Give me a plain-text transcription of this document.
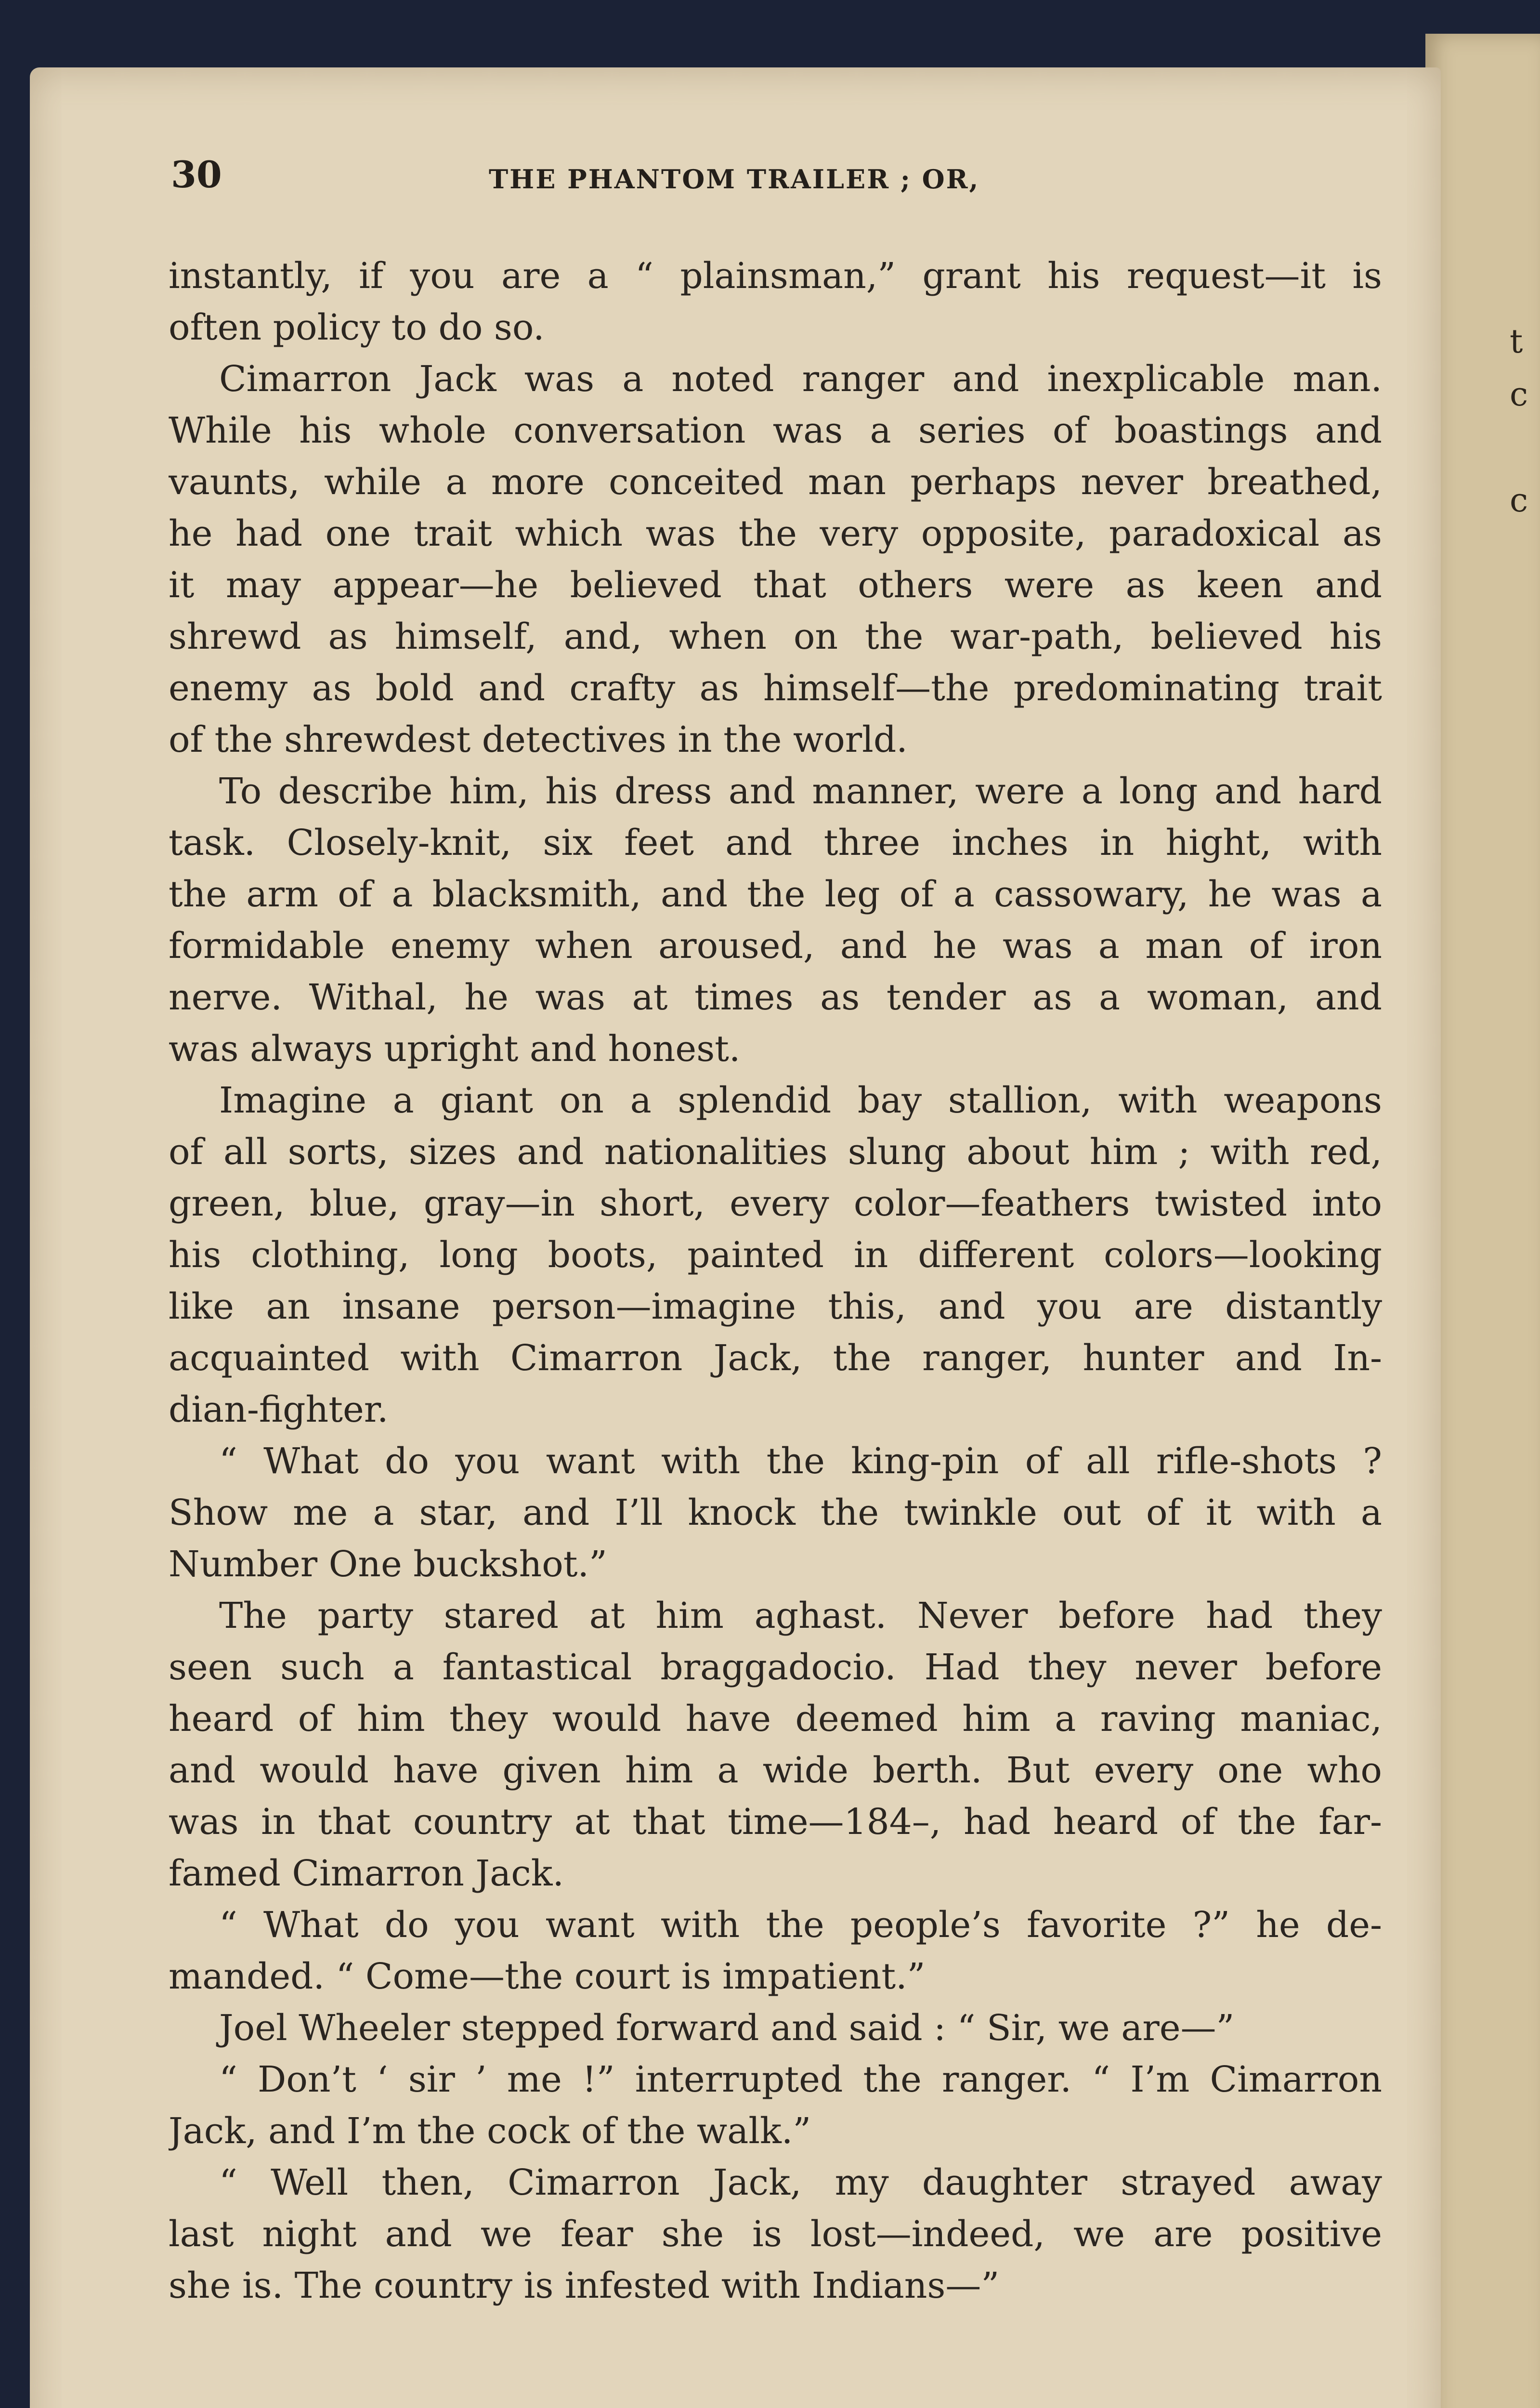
t
c
c
30	THE PHANTOM TRAILER ; OR,
instantly, if you are a “ plainsman,” grant his request—it is
often policy to do so.
Cimarron Jack was a noted ranger and inexplicable man.
While his whole conversation was a series of boastings and
vaunts, while a more conceited man perhaps never breathed,
he had one trait which was the very opposite, paradoxical as
it may appear—he believed that others were as keen and
shrewd as himself, and, when on the war-path, believed his
enemy as bold and crafty as himself—the predominating trait
of the shrewdest detectives in the world.
To describe him, his dress and manner, were a long and hard
task. Closely-knit, six feet and three inches in hight, with
the arm of a blacksmith, and the leg of a cassowary, he was a
formidable enemy when aroused, and he was a man of iron
nerve. Withal, he was at times as tender as a woman, and
was always upright and honest.
Imagine a giant on a splendid bay stallion, with weapons
of all sorts, sizes and nationalities slung about him ; with red,
green, blue, gray—in short, every color—feathers twisted into
his clothing, long boots, painted in different colors—looking
like an insane person—imagine this, and you are distantly
acquainted with Cimarron Jack, the ranger, hunter and In-
dian-fighter.
“ What do you want with the king-pin of all rifle-shots ?
Show me a star, and I’ll knock the twinkle out of it with a
Number One buckshot.”
The party stared at him aghast. Never before had they
seen such a fantastical braggadocio. Had they never before
heard of him they would have deemed him a raving maniac,
and would have given him a wide berth. But every one who
was in that country at that time—184–, had heard of the far-
famed Cimarron Jack.
“ What do you want with the people’s favorite ?” he de-
manded. “ Come—the court is impatient.”
Joel Wheeler stepped forward and said : “ Sir, we are—”
“ Don’t ‘ sir ’ me !” interrupted the ranger. “ I’m Cimarron
Jack, and I’m the cock of the walk.”
“ Well then, Cimarron Jack, my daughter strayed away
last night and we fear she is lost—indeed, we are positive
she is. The country is infested with Indians—”
